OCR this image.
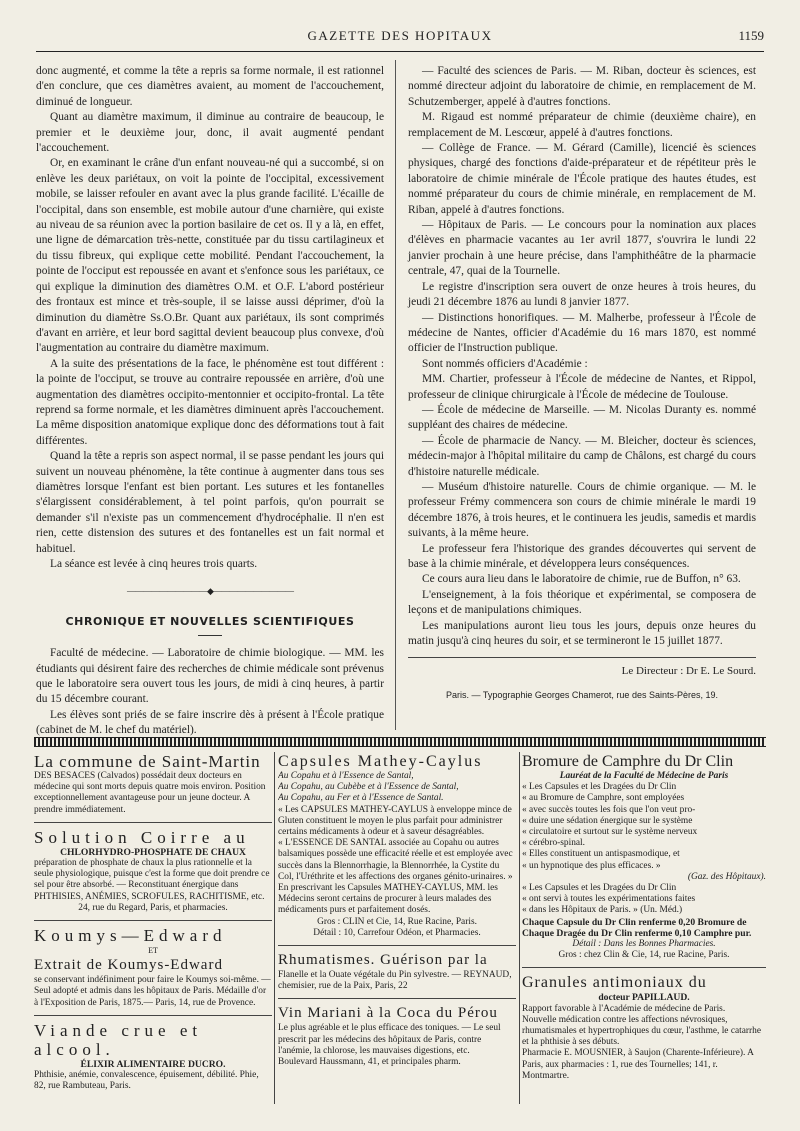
GAZETTE DES HOPITAUX	1159

donc augmenté, et comme la tête a repris sa forme normale, il est rationnel d'en conclure, que ces diamètres avaient, au moment de l'accouchement, diminué de longueur.

Quant au diamètre maximum, il diminue au contraire de beaucoup, le premier et le deuxième jour, donc, il avait augmenté pendant l'accouchement.

Or, en examinant le crâne d'un enfant nouveau-né qui a succombé, si on enlève les deux pariétaux, on voit la pointe de l'occipital, excessivement mobile, se laisser refouler en avant avec la plus grande facilité. L'écaille de l'occipital, dans son ensemble, est mobile autour d'une charnière, qui existe au niveau de sa réunion avec la portion basilaire de cet os. Il y a là, en effet, une ligne de démarcation très-nette, constituée par du tissu cartilagineux et du tissu fibreux, qui explique cette mobilité. Pendant l'accouchement, la pointe de l'occiput est repoussée en avant et s'enfonce sous les pariétaux, ce qui explique la diminution des diamètres O.M. et O.F. L'abord postérieur des frontaux est mince et très-souple, il se laisse aussi déprimer, d'où la diminution du diamètre Ss.O.Br. Quant aux pariétaux, ils sont comprimés d'avant en arrière, et leur bord sagittal devient beaucoup plus convexe, d'où l'augmentation au contraire du diamètre maximum.

A la suite des présentations de la face, le phénomène est tout différent : la pointe de l'occiput, se trouve au contraire repoussée en arrière, d'où une augmentation des diamètres occipito-mentonnier et occipito-frontal. La tête reprend sa forme normale, et les diamètres diminuent après l'accouchement. La même disposition anatomique explique donc des déformations tout à fait différentes.

Quand la tête a repris son aspect normal, il se passe pendant les jours qui suivent un nouveau phénomène, la tête continue à augmenter dans tous ses diamètres lorsque l'enfant est bien portant. Les sutures et les fontanelles s'élargissent considérablement, à tel point parfois, qu'on pourrait se demander s'il n'existe pas un commencement d'hydrocéphalie. Il n'en est rien, cette distension des sutures et des fontanelles est un fait normal et habituel.

La séance est levée à cinq heures trois quarts.

——————————◆——————————
CHRONIQUE ET NOUVELLES SCIENTIFIQUES

Faculté de médecine. — Laboratoire de chimie biologique. — MM. les étudiants qui désirent faire des recherches de chimie médicale sont prévenus que le laboratoire sera ouvert tous les jours, de midi à cinq heures, à partir du 15 décembre courant.

Les élèves sont priés de se faire inscrire dès à présent à l'École pratique (cabinet de M. le chef du matériel).

— Faculté des sciences de Paris. — M. Riban, docteur ès sciences, est nommé directeur adjoint du laboratoire de chimie, en remplacement de M. Schutzemberger, appelé à d'autres fonctions.

M. Rigaud est nommé préparateur de chimie (deuxième chaire), en remplacement de M. Lescœur, appelé à d'autres fonctions.

— Collège de France. — M. Gérard (Camille), licencié ès sciences physiques, chargé des fonctions d'aide-préparateur et de répétiteur près le laboratoire de chimie minérale de l'École pratique des hautes études, est nommé préparateur du cours de chimie minérale, en remplacement de M. Riban, appelé à d'autres fonctions.

— Hôpitaux de Paris. — Le concours pour la nomination aux places d'élèves en pharmacie vacantes au 1er avril 1877, s'ouvrira le lundi 22 janvier prochain à une heure précise, dans l'amphithéâtre de la pharmacie centrale, 47, quai de la Tournelle.

Le registre d'inscription sera ouvert de onze heures à trois heures, du jeudi 21 décembre 1876 au lundi 8 janvier 1877.

— Distinctions honorifiques. — M. Malherbe, professeur à l'École de médecine de Nantes, officier d'Académie du 16 mars 1870, est nommé officier de l'Instruction publique.

Sont nommés officiers d'Académie :

MM. Chartier, professeur à l'École de médecine de Nantes, et Rippol, professeur de clinique chirurgicale à l'École de médecine de Toulouse.

— École de médecine de Marseille. — M. Nicolas Duranty es. nommé suppléant des chaires de médecine.

— École de pharmacie de Nancy. — M. Bleicher, docteur ès sciences, médecin-major à l'hôpital militaire du camp de Châlons, est chargé du cours d'histoire naturelle médicale.

— Muséum d'histoire naturelle. Cours de chimie organique. — M. le professeur Frémy commencera son cours de chimie minérale le mardi 19 décembre 1876, à trois heures, et le continuera les jeudis, samedis et mardis suivants, à la même heure.

Le professeur fera l'historique des grandes découvertes qui servent de base à la chimie minérale, et développera leurs conséquences.

Ce cours aura lieu dans le laboratoire de chimie, rue de Buffon, n° 63.

L'enseignement, à la fois théorique et expérimental, se composera de leçons et de manipulations chimiques.

Les manipulations auront lieu tous les jours, depuis onze heures du matin jusqu'à cinq heures du soir, et se termineront le 15 juillet 1877.

Le Directeur : Dr E. Le Sourd.
Paris. — Typographie Georges Chamerot, rue des Saints-Pères, 19.
La commune de Saint-Martin
DES BESACES (Calvados) possédait deux docteurs en médecine qui sont morts depuis quatre mois environ. Position exceptionnellement avantageuse pour un jeune docteur. A prendre immédiatement.
Solution Coirre au
CHLORHYDRO-PHOSPHATE DE CHAUX
préparation de phosphate de chaux la plus rationnelle et la seule physiologique, puisque c'est la forme que doit prendre ce sel pour être absorbé. — Reconstituant énergique dans PHTHISIES, ANÉMIES, SCROFULES, RACHITISME, etc.
24, rue du Regard, Paris, et pharmacies.
Koumys—Edward
ET
Extrait de Koumys-Edward
se conservant indéfiniment pour faire le Koumys soi-même. — Seul adopté et admis dans les hôpitaux de Paris. Médaille d'or à l'Exposition de Paris, 1875.— Paris, 14, rue de Provence.
Viande crue et alcool.
ÉLIXIR ALIMENTAIRE DUCRO.
Phthisie, anémie, convalescence, épuisement, débilité. Phie, 82, rue Rambuteau, Paris.
Capsules Mathey-Caylus
Au Copahu et à l'Essence de Santal,
Au Copahu, au Cubèbe et à l'Essence de Santal,
Au Copahu, au Fer et à l'Essence de Santal.
« Les CAPSULES MATHEY-CAYLUS à enveloppe mince de Gluten constituent le moyen le plus parfait pour administrer certains médicaments à odeur et à saveur désagréables.
« L'ESSENCE DE SANTAL associée au Copahu ou autres balsamiques possède une efficacité réelle et est employée avec succès dans la Blennorrhagie, la Blennorrhée, la Cystite du Col, l'Uréthrite et les affections des organes génito-urinaires. »
En prescrivant les Capsules MATHEY-CAYLUS, MM. les Médecins seront certains de procurer à leurs malades des médicaments purs et parfaitement dosés.
Gros : CLIN et Cie, 14, Rue Racine, Paris.
Détail : 10, Carrefour Odéon, et Pharmacies.
Rhumatismes. Guérison par la
Flanelle et la Ouate végétale du Pin sylvestre. — REYNAUD, chemisier, rue de la Paix, Paris, 22
Vin Mariani à la Coca du Pérou
Le plus agréable et le plus efficace des toniques. — Le seul prescrit par les médecins des hôpitaux de Paris, contre l'anémie, la chlorose, les mauvaises digestions, etc.
Boulevard Haussmann, 41, et principales pharm.
Bromure de Camphre du Dr Clin
Lauréat de la Faculté de Médecine de Paris
« Les Capsules et les Dragées du Dr Clin
« au Bromure de Camphre, sont employées
« avec succès toutes les fois que l'on veut pro-
« duire une sédation énergique sur le système
« circulatoire et surtout sur le système nerveux
« cérébro-spinal.
« Elles constituent un antispasmodique, et
« un hypnotique des plus efficaces. »
(Gaz. des Hôpitaux).
« Les Capsules et les Dragées du Dr Clin
« ont servi à toutes les expérimentations faites
« dans les Hôpitaux de Paris. » (Un. Méd.)
Chaque Capsule du Dr Clin renferme 0,20 Bromure de
Chaque Dragée du Dr Clin renferme 0,10 Camphre pur.
Détail : Dans les Bonnes Pharmacies.
Gros : chez Clin & Cie, 14, rue Racine, Paris.
Granules antimoniaux du
docteur PAPILLAUD.
Rapport favorable à l'Académie de médecine de Paris.
Nouvelle médication contre les affections névrosiques, rhumatismales et hypertrophiques du cœur, l'asthme, le catarrhe et la phthisie à ses débuts.
Pharmacie E. MOUSNIER, à Saujon (Charente-Inférieure). A Paris, aux pharmacies : 1, rue des Tournelles; 141, r. Montmartre.
